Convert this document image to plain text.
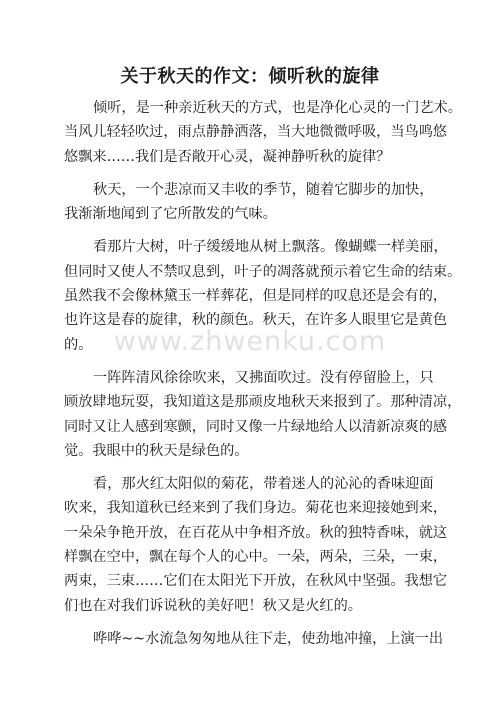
关于秋天的作文：倾听秋的旋律
倾听，是一种亲近秋天的方式，也是净化心灵的一门艺术。
当风儿轻轻吹过，雨点静静洒落，当大地微微呼吸，当鸟鸣悠
悠飘来……我们是否敞开心灵，凝神静听秋的旋律？
秋天，一个悲凉而又丰收的季节，随着它脚步的加快，
我渐渐地闻到了它所散发的气味。
看那片大树，叶子缓缓地从树上飘落。像蝴蝶一样美丽，
但同时又使人不禁叹息到，叶子的凋落就预示着它生命的结束。
虽然我不会像林黛玉一样葬花，但是同样的叹息还是会有的，
也许这是春的旋律，秋的颜色。秋天，在许多人眼里它是黄色
的。
一阵阵清风徐徐吹来，又拂面吹过。没有停留脸上，只
顾放肆地玩耍，我知道这是那顽皮地秋天来报到了。那种清凉，
同时又让人感到寒颤，同时又像一片绿地给人以清新凉爽的感
觉。我眼中的秋天是绿色的。
看，那火红太阳似的菊花，带着迷人的沁沁的香味迎面
吹来，我知道秋已经来到了我们身边。菊花也来迎接她到来，
一朵朵争艳开放，在百花从中争相齐放。秋的独特香味，就这
样飘在空中，飘在每个人的心中。一朵，两朵，三朵，一束，
两束，三束……它们在太阳光下开放，在秋风中坚强。我想它
们也在对我们诉说秋的美好吧！秋又是火红的。
哗哗~~水流急匆匆地从往下走，使劲地冲撞，上演一出
www.zhwenku.com
